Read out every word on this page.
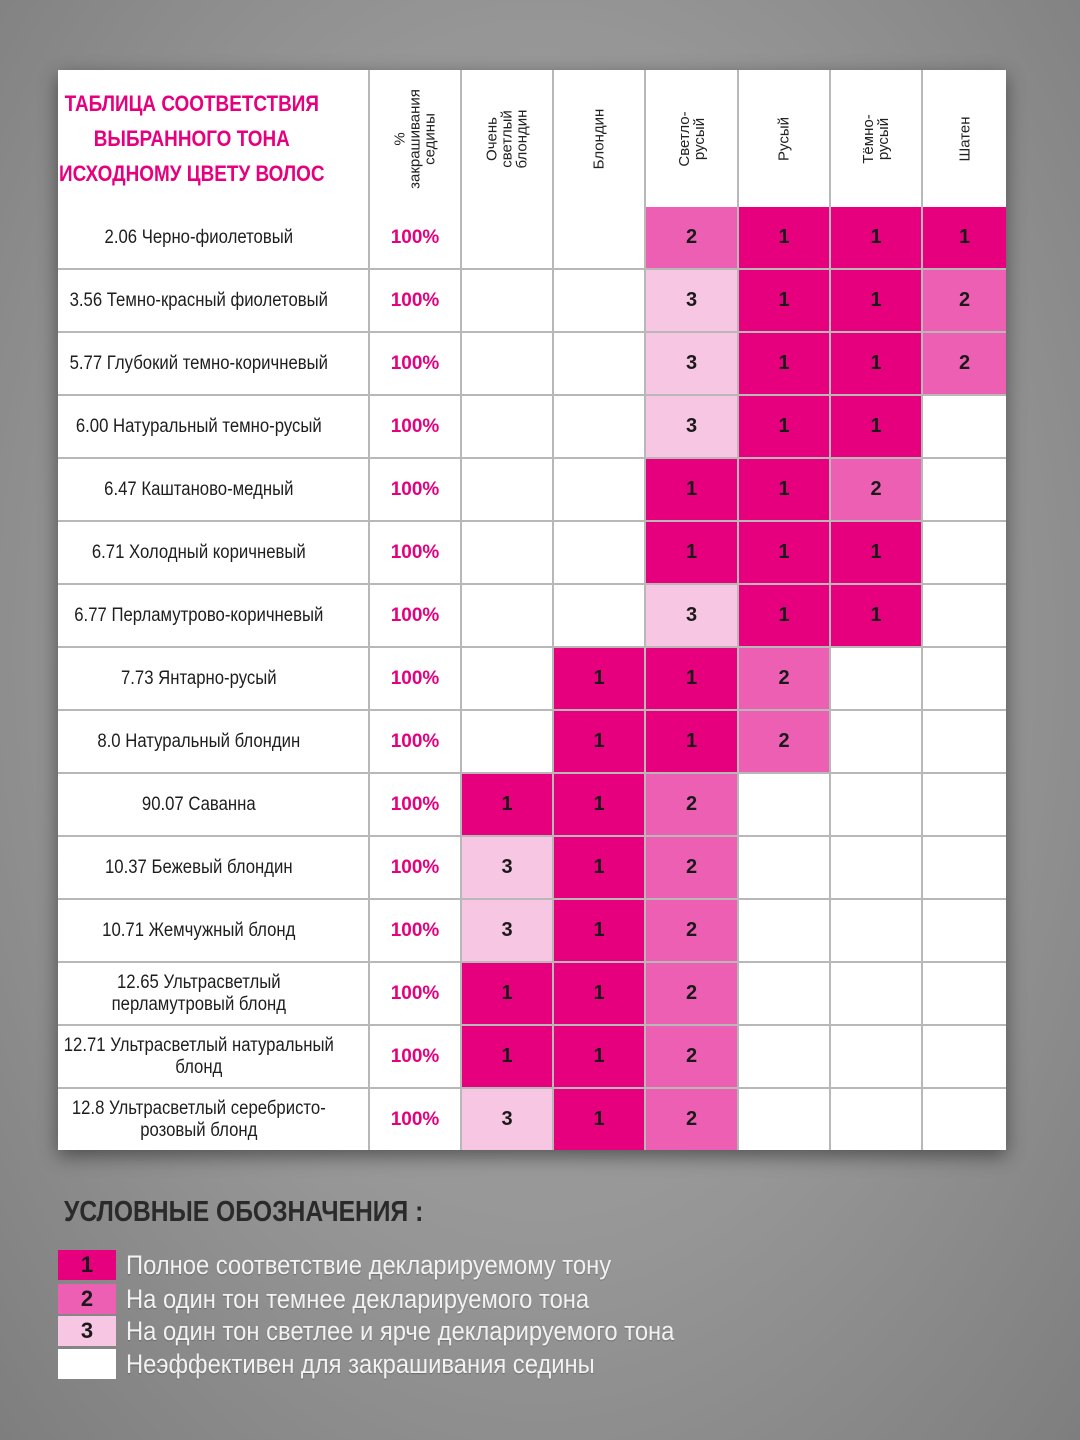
ТАБЛИЦА СООТВЕТСТВИЯ
ВЫБРАННОГО ТОНА
ИСХОДНОМУ ЦВЕТУ ВОЛОС	%
закрашивания
седины	Очень светлый
блондин	Блондин	Светло-русый	Русый	Тёмно-русый	Шатен

2.06 Черно-фиолетовый	100%			2	1	1	1
3.56 Темно-красный фиолетовый	100%			3	1	1	2
5.77 Глубокий темно-коричневый	100%			3	1	1	2
6.00 Натуральный темно-русый	100%			3	1	1	
6.47 Каштаново-медный	100%			1	1	2	
6.71 Холодный коричневый	100%			1	1	1	
6.77 Перламутрово-коричневый	100%			3	1	1	
7.73 Янтарно-русый	100%		1	1	2		
8.0 Натуральный блондин	100%		1	1	2		
90.07 Саванна	100%	1	1	2			
10.37 Бежевый блондин	100%	3	1	2			
10.71 Жемчужный блонд	100%	3	1	2			
12.65 Ультрасветлый перламутровый блонд	100%	1	1	2			
12.71 Ультрасветлый натуральный блонд	100%	1	1	2			
12.8 Ультрасветлый серебристо-розовый блонд	100%	3	1	2			
УСЛОВНЫЕ ОБОЗНАЧЕНИЯ :
1	Полное соответствие декларируемому тону
2	На один тон темнее декларируемого тона
3	На один тон светлее и ярче декларируемого тона
Неэффективен для закрашивания седины
